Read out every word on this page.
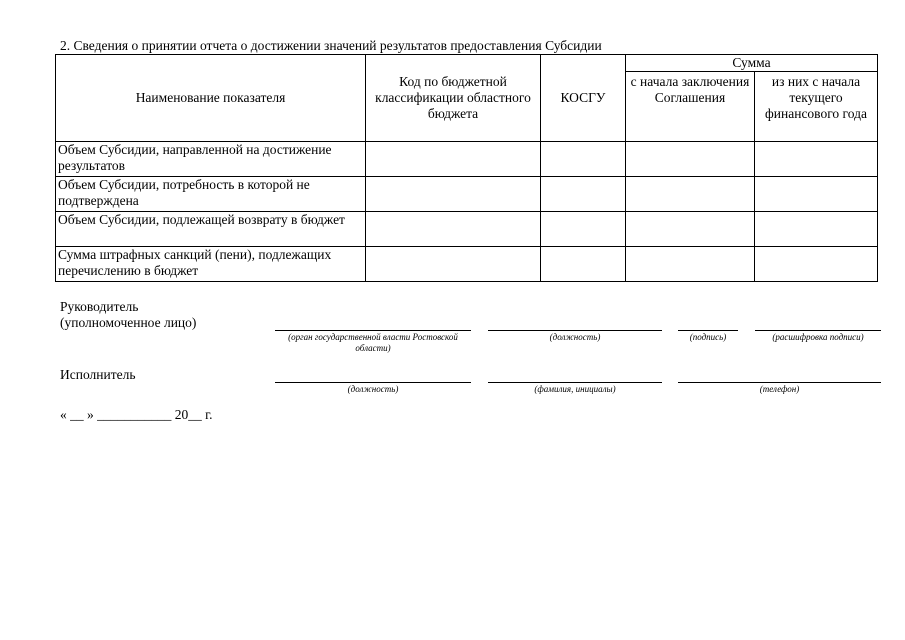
2. Сведения о принятии отчета о достижении значений результатов предоставления Субсидии
Наименование показателя	Код по бюджетной классификации областного бюджета	КОСГУ	Сумма	
			с начала заключения Соглашения	из них с начала текущего финансового года
Объем Субсидии, направленной на достижение результатов				
Объем Субсидии, потребность в которой не подтверждена				
Объем Субсидии, подлежащей возврату в бюджет				
Сумма штрафных санкций (пени), подлежащих перечислению в бюджет				
Руководитель
(уполномоченное лицо)
(орган государственной власти Ростовской области)
(должность)	(подпись)	(расшифровка подписи)
Исполнитель
(должность)	(фамилия, инициалы)	(телефон)
« __ » ___________ 20__ г.
